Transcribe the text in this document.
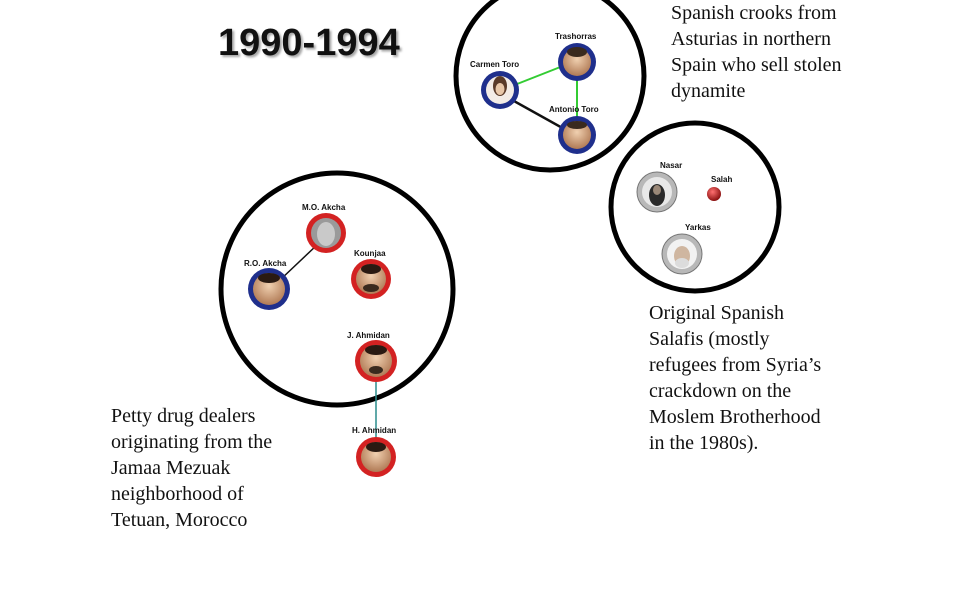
1990-1994	Trashorras
Carmen Toro
Antonio Toro
Nasar
Salah
Yarkas
M.O. Akcha
R.O. Akcha
Kounjaa
J. Ahmidan
H. Ahmidan
Spanish crooks from
Asturias in northern
Spain who sell stolen
dynamite
Original Spanish
Salafis (mostly
refugees from Syria’s
crackdown on the
Moslem Brotherhood
in the 1980s).
Petty drug dealers
originating from the
Jamaa Mezuak
neighborhood of
Tetuan, Morocco
